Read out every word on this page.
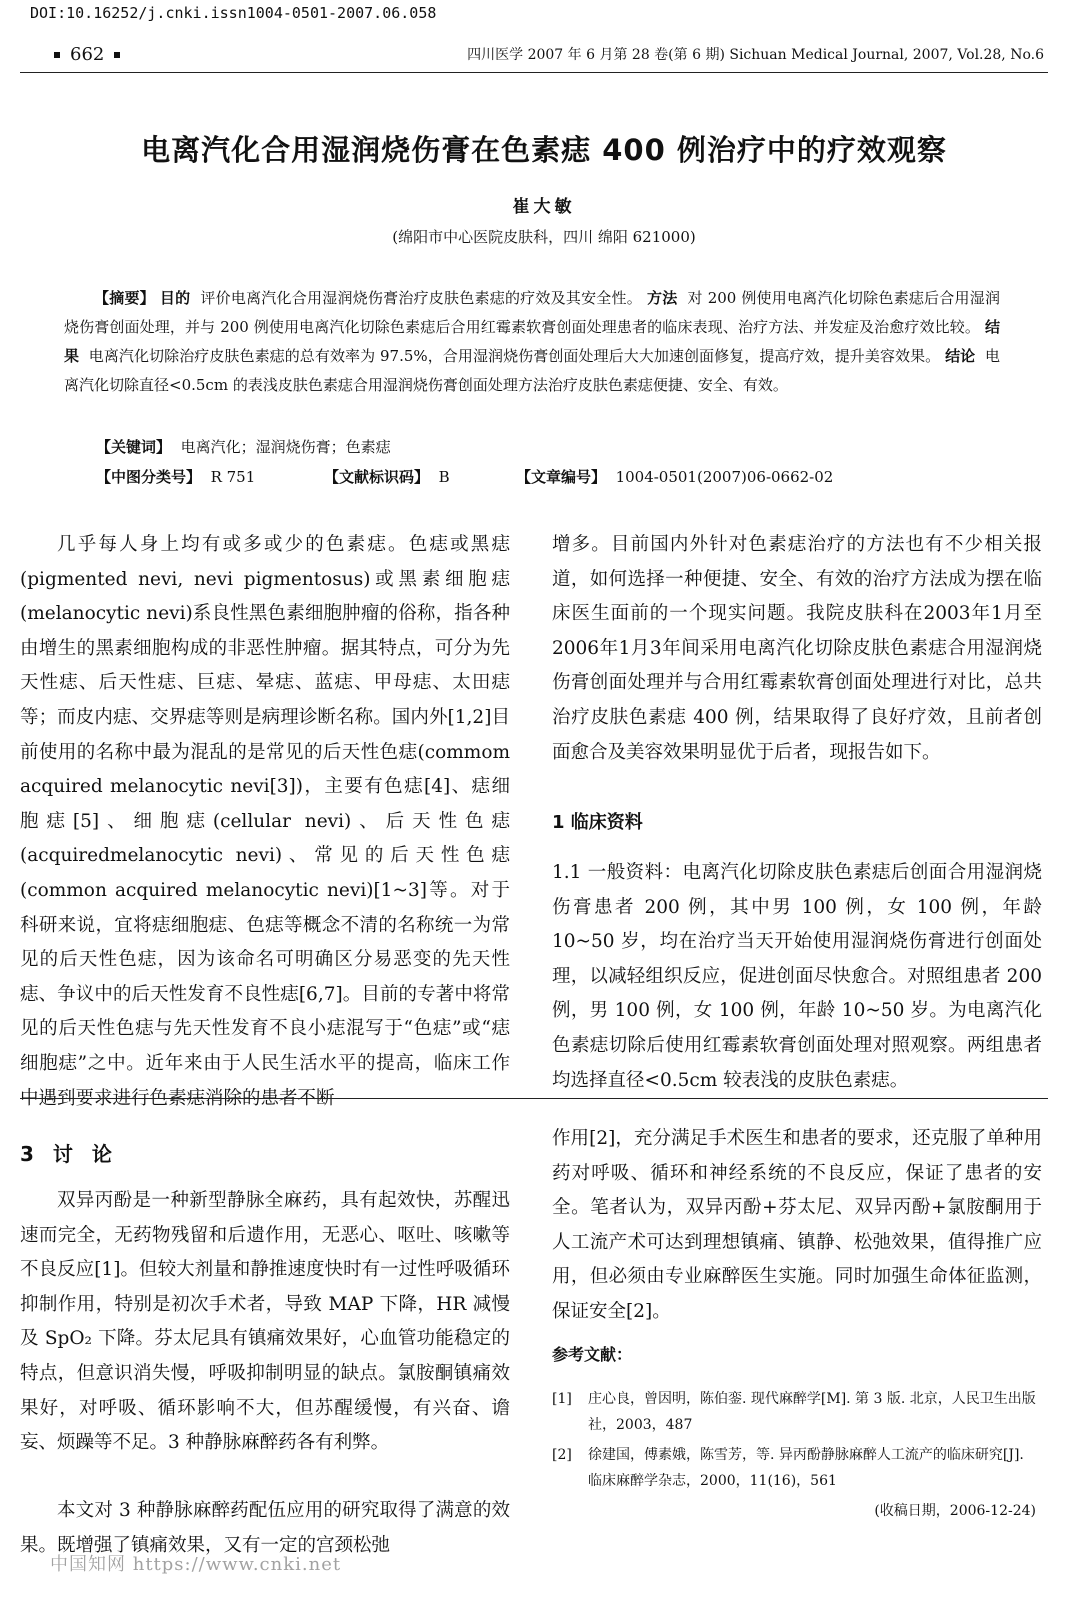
DOI:10.16252/j.cnki.issn1004-0501-2007.06.058
662	四川医学 2007 年 6 月第 28 卷(第 6 期) Sichuan Medical Journal, 2007, Vol.28, No.6
电离汽化合用湿润烧伤膏在色素痣 400 例治疗中的疗效观察
崔大敏
(绵阳市中心医院皮肤科，四川 绵阳 621000)
【摘要】 目的 评价电离汽化合用湿润烧伤膏治疗皮肤色素痣的疗效及其安全性。 方法 对 200 例使用电离汽化切除色素痣后合用湿润烧伤膏创面处理，并与 200 例使用电离汽化切除色素痣后合用红霉素软膏创面处理患者的临床表现、治疗方法、并发症及治愈疗效比较。 结果 电离汽化切除治疗皮肤色素痣的总有效率为 97.5%，合用湿润烧伤膏创面处理后大大加速创面修复，提高疗效，提升美容效果。 结论 电离汽化切除直径<0.5cm 的表浅皮肤色素痣合用湿润烧伤膏创面处理方法治疗皮肤色素痣便捷、安全、有效。
【关键词】 电离汽化；湿润烧伤膏；色素痣
【中图分类号】 R 751	【文献标识码】 B	【文章编号】 1004-0501(2007)06-0662-02
几乎每人身上均有或多或少的色素痣。色痣或黑痣(pigmented nevi, nevi pigmentosus)或黑素细胞痣(melanocytic nevi)系良性黑色素细胞肿瘤的俗称，指各种由增生的黑素细胞构成的非恶性肿瘤。据其特点，可分为先天性痣、后天性痣、巨痣、晕痣、蓝痣、甲母痣、太田痣等；而皮内痣、交界痣等则是病理诊断名称。国内外[1,2]目前使用的名称中最为混乱的是常见的后天性色痣(commom acquired melanocytic nevi[3])，主要有色痣[4]、痣细胞痣[5]、细胞痣(cellular nevi)、后天性色痣(acquiredmelanocytic nevi)、常见的后天性色痣(common acquired melanocytic nevi)[1~3]等。对于科研来说，宜将痣细胞痣、色痣等概念不清的名称统一为常见的后天性色痣，因为该命名可明确区分易恶变的先天性痣、争议中的后天性发育不良性痣[6,7]。目前的专著中将常见的后天性色痣与先天性发育不良小痣混写于“色痣”或“痣细胞痣”之中。近年来由于人民生活水平的提高，临床工作中遇到要求进行色素痣消除的患者不断
增多。目前国内外针对色素痣治疗的方法也有不少相关报道，如何选择一种便捷、安全、有效的治疗方法成为摆在临床医生面前的一个现实问题。我院皮肤科在2003年1月至2006年1月3年间采用电离汽化切除皮肤色素痣合用湿润烧伤膏创面处理并与合用红霉素软膏创面处理进行对比，总共治疗皮肤色素痣 400 例，结果取得了良好疗效，且前者创面愈合及美容效果明显优于后者，现报告如下。
1 临床资料
1.1 一般资料：电离汽化切除皮肤色素痣后创面合用湿润烧伤膏患者 200 例，其中男 100 例，女 100 例，年龄 10~50 岁，均在治疗当天开始使用湿润烧伤膏进行创面处理，以减轻组织反应，促进创面尽快愈合。对照组患者 200 例，男 100 例，女 100 例，年龄 10~50 岁。为电离汽化色素痣切除后使用红霉素软膏创面处理对照观察。两组患者均选择直径<0.5cm 较表浅的皮肤色素痣。
3 讨 论
双异丙酚是一种新型静脉全麻药，具有起效快，苏醒迅速而完全，无药物残留和后遗作用，无恶心、呕吐、咳嗽等不良反应[1]。但较大剂量和静推速度快时有一过性呼吸循环抑制作用，特别是初次手术者，导致 MAP 下降，HR 减慢及 SpO₂ 下降。芬太尼具有镇痛效果好，心血管功能稳定的特点，但意识消失慢，呼吸抑制明显的缺点。氯胺酮镇痛效果好，对呼吸、循环影响不大，但苏醒缓慢，有兴奋、谵妄、烦躁等不足。3 种静脉麻醉药各有利弊。
本文对 3 种静脉麻醉药配伍应用的研究取得了满意的效果。既增强了镇痛效果，又有一定的宫颈松弛
作用[2]，充分满足手术医生和患者的要求，还克服了单种用药对呼吸、循环和神经系统的不良反应，保证了患者的安全。笔者认为，双异丙酚+芬太尼、双异丙酚+氯胺酮用于人工流产术可达到理想镇痛、镇静、松弛效果，值得推广应用，但必须由专业麻醉医生实施。同时加强生命体征监测，保证安全[2]。
参考文献：
[1] 庄心良，曾因明，陈伯銮. 现代麻醉学[M]. 第 3 版. 北京，人民卫生出版社，2003，487
[2] 徐建国，傅素娥，陈雪芳，等. 异丙酚静脉麻醉人工流产的临床研究[J]. 临床麻醉学杂志，2000，11(16)，561
(收稿日期，2006-12-24)
中国知网 https://www.cnki.net
